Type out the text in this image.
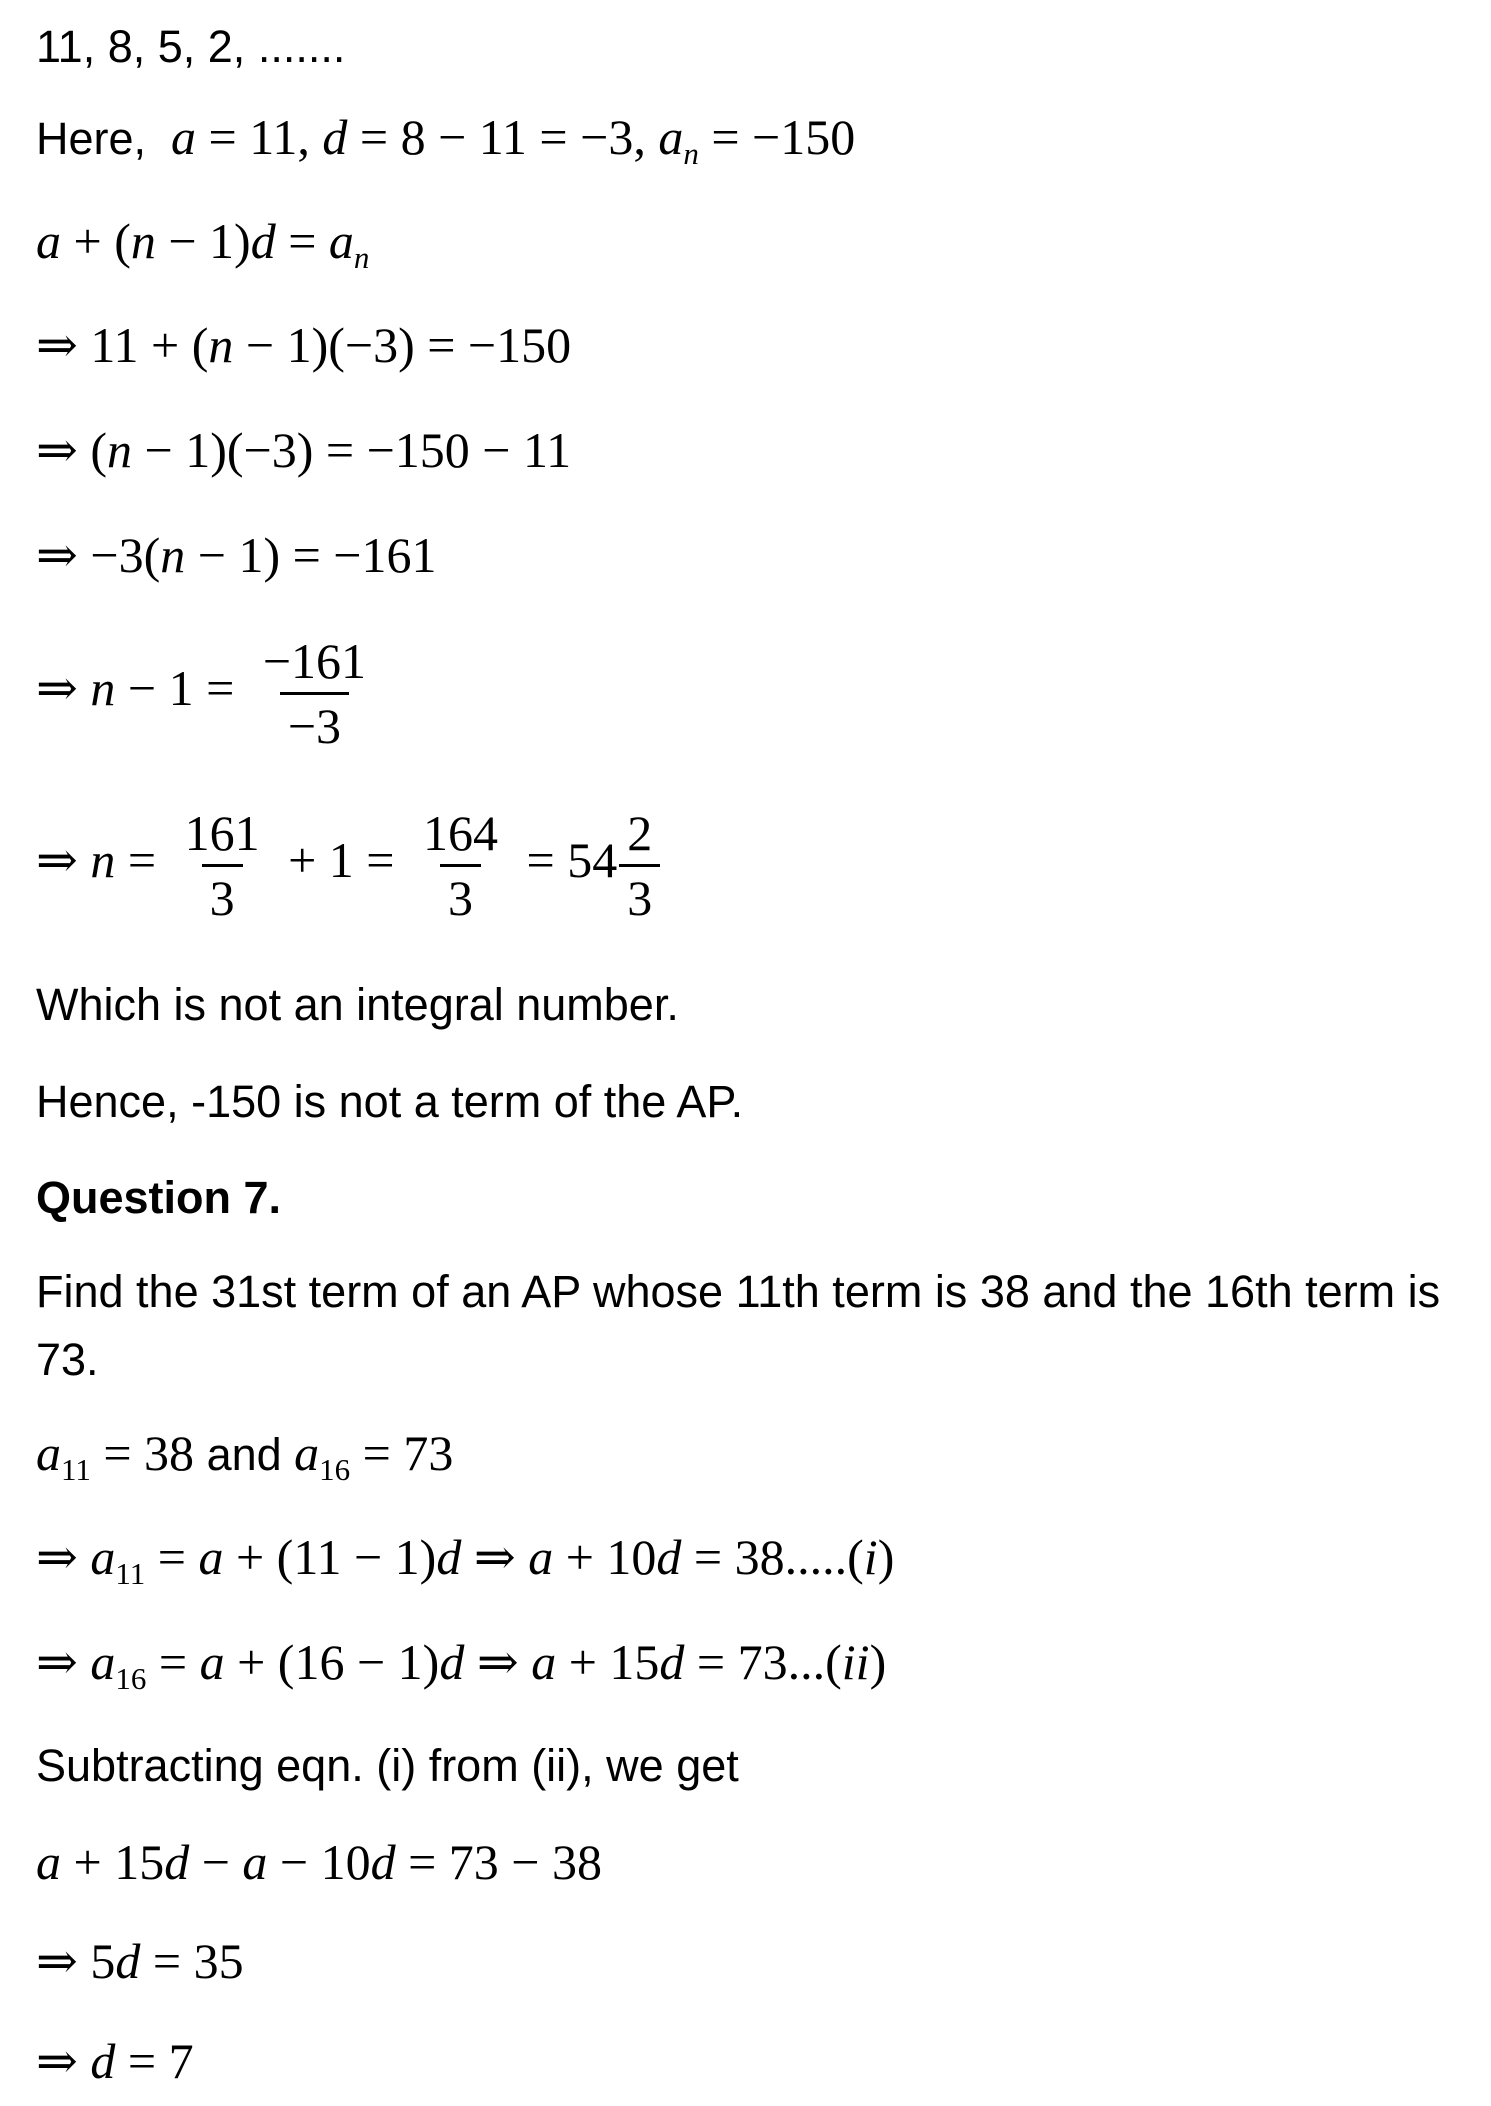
11, 8, 5, 2, .......
Here, a = 11, d = 8 − 11 = −3, $a_n = -150$
$a + (n - 1)d = a_n$
⇒ 11 + (n − 1)(−3) = −150
⇒ (n − 1)(−3) = −150 − 11
⇒ −3(n − 1) = −161
⇒ $n - 1 = \frac{-161}{-3}$
⇒ $n = \frac{161}{3} + 1 = \frac{164}{3} = 54 \frac{2}{3}$
Which is not an integral number.
Hence, -150 is not a term of the AP.
Question 7.
Find the 31st term of an AP whose 11th term is 38 and the 16th term is 73.
$a_{11} = 38$ and $a_{16} = 73$
⇒ $a_{11} = a + (11 - 1)d$ ⇒ a + 10d = 38.....(i)
⇒ $a_{16} = a + (16 - 1)d$ ⇒ a + 15d = 73...(ii)
Subtracting eqn. (i) from (ii), we get
a + 15d − a − 10d = 73 − 38
⇒ 5d = 35
⇒ d = 7
